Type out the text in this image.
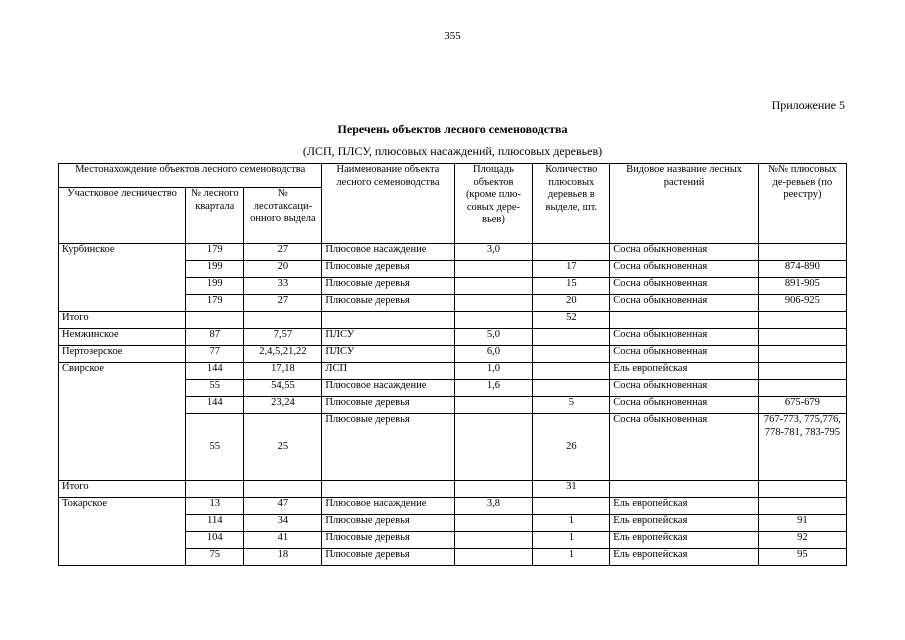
355
Приложение 5
Перечень объектов лесного семеноводства
(ЛСП, ПЛСУ, плюсовых насаждений, плюсовых деревьев)
Местонахождение объектов лесного семеноводства			Наименование объекта лесного семеноводства	Площадь объектов (кроме плю-совых дере-вьев)	Количество плюсовых деревьев в выделе, шт.	Видовое название лесных растений	№№ плюсовых де-ревьев (по реестру)
Участковое лесничество	№ лесного квартала	№ лесотаксаци-онного выдела					
Курбинское	179	27	Плюсовое насаждение	3,0		Сосна обыкновенная	
	199	20	Плюсовые деревья		17	Сосна обыкновенная	874-890
	199	33	Плюсовые деревья		15	Сосна обыкновенная	891-905
	179	27	Плюсовые деревья		20	Сосна обыкновенная	906-925
Итого					52		
Немжинское	87	7,57	ПЛСУ	5,0		Сосна обыкновенная	
Пертозерское	77	2,4,5,21,22	ПЛСУ	6,0		Сосна обыкновенная	
Свирское	144	17,18	ЛСП	1,0		Ель европейская	
	55	54,55	Плюсовое насаждение	1,6		Сосна обыкновенная	
	144	23,24	Плюсовые деревья		5	Сосна обыкновенная	675-679
	55	25	Плюсовые деревья		26	Сосна обыкновенная	767-773, 775,776, 778-781, 783-795
Итого					31		
Токарское	13	47	Плюсовое насаждение	3,8		Ель европейская	
	114	34	Плюсовые деревья		1	Ель европейская	91
	104	41	Плюсовые деревья		1	Ель европейская	92
	75	18	Плюсовые деревья		1	Ель европейская	95
